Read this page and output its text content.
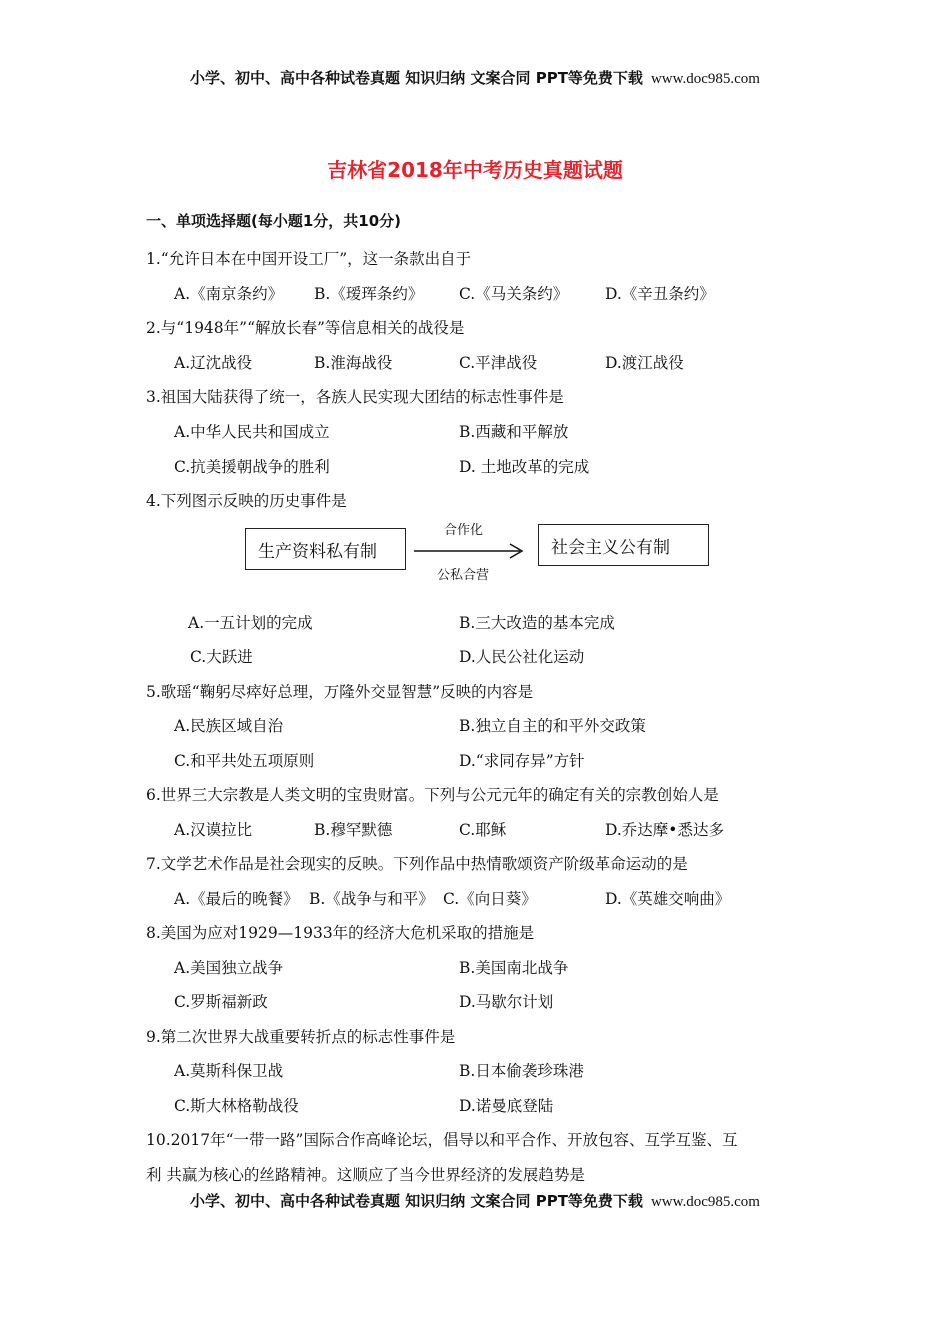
小学、初中、高中各种试卷真题 知识归纳 文案合同 PPT等免费下载 www.doc985.com
吉林省2018年中考历史真题试题
一、单项选择题(每小题1分，共10分)
1.“允许日本在中国开设工厂”，这一条款出自于
A.《南京条约》 B.《瑷珲条约》 C.《马关条约》 D.《辛丑条约》
2.与“1948年”“解放长春”等信息相关的战役是
A.辽沈战役	B.淮海战役	C.平津战役	D.渡江战役
3.祖国大陆获得了统一，各族人民实现大团结的标志性事件是
A.中华人民共和国成立	B.西藏和平解放
C.抗美援朝战争的胜利	D. 土地改革的完成
4.下列图示反映的历史事件是
生产资料私有制
合作化
公私合营
社会主义公有制
A.一五计划的完成	B.三大改造的基本完成
C.大跃进	D.人民公社化运动
5.歌瑶“鞠躬尽瘁好总理，万隆外交显智慧”反映的内容是
A.民族区域自治	B.独立自主的和平外交政策
C.和平共处五项原则	D.“求同存异”方针
6.世界三大宗教是人类文明的宝贵财富。下列与公元元年的确定有关的宗教创始人是
A.汉谟拉比	B.穆罕默德	C.耶稣	D.乔达摩•悉达多
7.文学艺术作品是社会现实的反映。下列作品中热情歌颂资产阶级革命运动的是
A.《最后的晚餐》 B.《战争与和平》 C.《向日葵》	D.《英雄交响曲》
8.美国为应对1929—1933年的经济大危机采取的措施是
A.美国独立战争	B.美国南北战争
C.罗斯福新政	D.马歇尔计划
9.第二次世界大战重要转折点的标志性事件是
A.莫斯科保卫战	B.日本偷袭珍珠港
C.斯大林格勒战役	D.诺曼底登陆
10.2017年“一带一路”国际合作高峰论坛，倡导以和平合作、开放包容、互学互鉴、互
利 共赢为核心的丝路精神。这顺应了当今世界经济的发展趋势是
小学、初中、高中各种试卷真题 知识归纳 文案合同 PPT等免费下载 www.doc985.com
